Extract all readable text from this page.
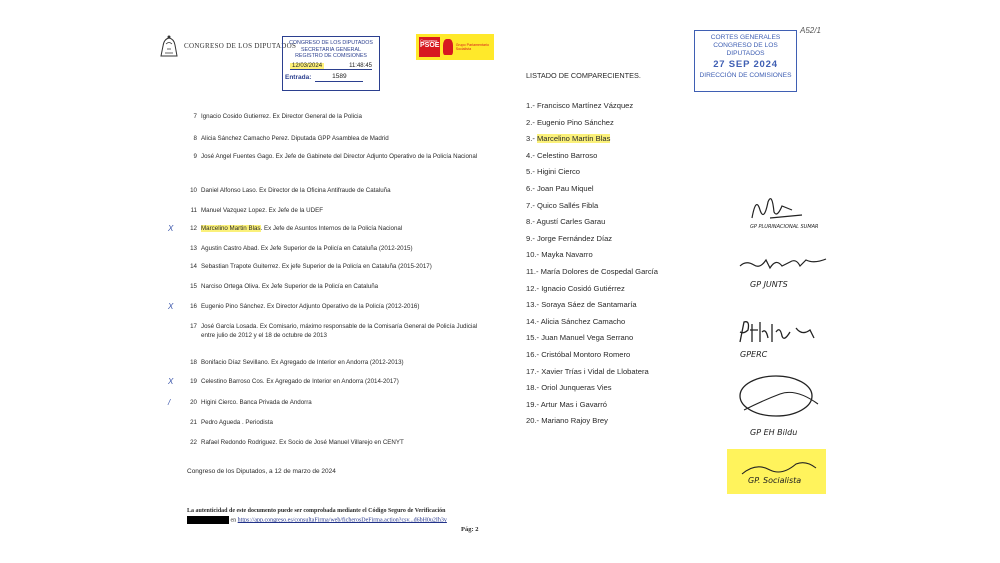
CONGRESO DE LOS DIPUTADOS
CONGRESO DE LOS DIPUTADOS
SECRETARIA GENERAL
REGISTRO DE COMISIONES
12/03/2024	11:48:45
Entrada:	1589
Congreso
PSOE	Grupo Parlamentario Socialista
CORTES GENERALES
CONGRESO DE LOS DIPUTADOS
27 SEP 2024
DIRECCIÓN DE COMISIONES
A52/1
7 Ignacio Cosido Gutierrez. Ex Director General de la Policia
8 Alicia Sánchez Camacho Perez. Diputada GPP Asamblea de Madrid
9 José Angel Fuentes Gago. Ex Jefe de Gabinete del Director Adjunto Operativo de la Policía Nacional
10 Daniel Alfonso Laso. Ex Director de la Oficina Antifraude de Cataluña
11 Manuel Vazquez Lopez. Ex Jefe de la UDEF
X	12 Marcelino Martin Blas. Ex Jefe de Asuntos Internos de la Policía Nacional
13 Agustin Castro Abad. Ex Jefe Superior de la Policía en Cataluña (2012-2015)
14 Sebastian Trapote Guiterrez. Ex jefe Superior de la Policía en Cataluña (2015-2017)
15 Narciso Ortega Oliva. Ex Jefe Superior de la Policía en Cataluña
X	16 Eugenio Pino Sánchez. Ex Director Adjunto Operativo de la Policía (2012-2016)
17 José García Losada. Ex Comisario, máximo responsable de la Comisaría General de Policía Judicial entre julio de 2012 y el 18 de octubre de 2013
18 Bonifacio Díaz Sevillano. Ex Agregado de Interior en Andorra (2012-2013)
X	19 Celestino Barroso Cos. Ex Agregado de Interior en Andorra (2014-2017)
/	20 Higini Cierco. Banca Privada de Andorra
21 Pedro Agueda . Periodista
22 Rafael Redondo Rodriguez. Ex Socio de José Manuel Villarejo en CENYT
Congreso de los Diputados, a 12 de marzo de 2024
La autenticidad de este documento puede ser comprobada mediante el Código Seguro de Verificación
en https://app.congreso.es/consultaFirma/web/ficherosDeFirma.action?csv...d6bH0u2Ih3y
Pág: 2
LISTADO DE COMPARECIENTES.
1.- Francisco Martínez Vázquez
2.- Eugenio Pino Sánchez
3.- Marcelino Martín Blas
4.- Celestino Barroso
5.- Higini Cierco
6.- Joan Pau Miquel
7.- Quico Sallés Fibla
8.- Agustí Carles Garau
9.- Jorge Fernández Díaz
10.- Mayka Navarro
11.- María Dolores de Cospedal García
12.- Ignacio Cosidó Gutiérrez
13.- Soraya Sáez de Santamaría
14.- Alicia Sánchez Camacho
15.- Juan Manuel Vega Serrano
16.- Cristóbal Montoro Romero
17.- Xavier Trías i Vidal de Llobatera
18.- Oriol Junqueras Vies
19.- Artur Mas i Gavarró
20.- Mariano Rajoy Brey
GP PLURINACIONAL SUMAR
GP JUNTS
GPERC
GP EH Bildu
GP. Socialista
